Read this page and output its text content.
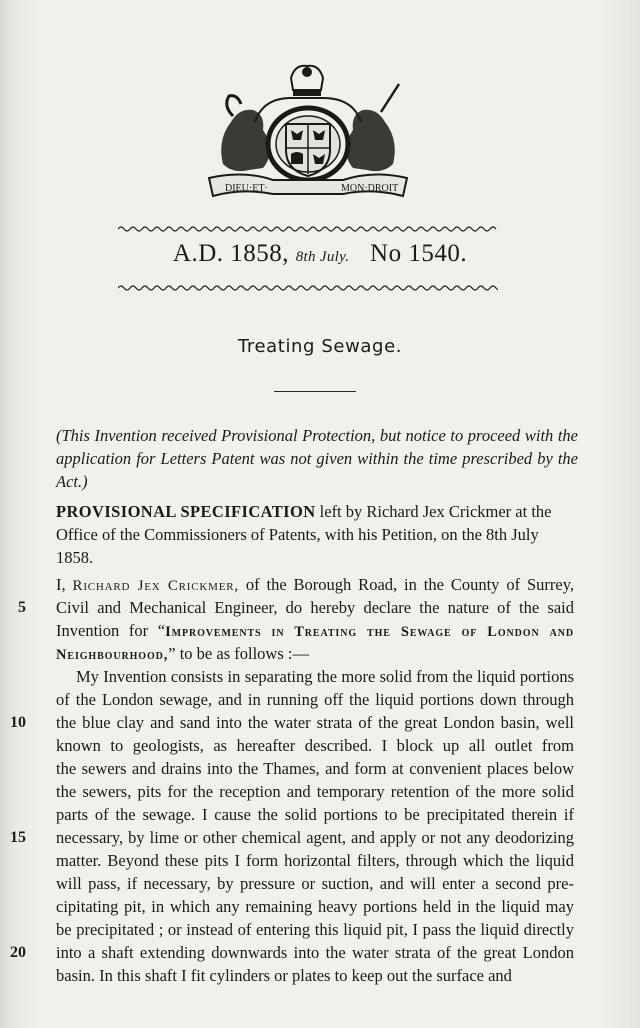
DIEU·ET·	MON·DROIT
A.D. 1858, 8th July. No 1540.
Treating Sewage.
(This Invention received Provisional Protection, but notice to proceed with the application for Letters Patent was not given within the time prescribed by the Act.)
PROVISIONAL SPECIFICATION left by Richard Jex Crickmer at the Office of the Commissioners of Patents, with his Petition, on the 8th July 1858.
I, Richard Jex Crickmer, of the Borough Road, in the County of Surrey,
Civil and Mechanical Engineer, do hereby declare the nature of the said
Invention for “Improvements in Treating the Sewage of London and
Neighbourhood,” to be as follows :—
My Invention consists in separating the more solid from the liquid portions
of the London sewage, and in running off the liquid portions down through
the blue clay and sand into the water strata of the great London basin, well
known to geologists, as hereafter described. I block up all outlet from
the sewers and drains into the Thames, and form at convenient places below
the sewers, pits for the reception and temporary retention of the more solid
parts of the sewage. I cause the solid portions to be precipitated therein if
necessary, by lime or other chemical agent, and apply or not any deodorizing
matter. Beyond these pits I form horizontal filters, through which the liquid
will pass, if necessary, by pressure or suction, and will enter a second pre-
cipitating pit, in which any remaining heavy portions held in the liquid may
be precipitated ; or instead of entering this liquid pit, I pass the liquid directly
into a shaft extending downwards into the water strata of the great London
basin. In this shaft I fit cylinders or plates to keep out the surface and
5
10
15
20
